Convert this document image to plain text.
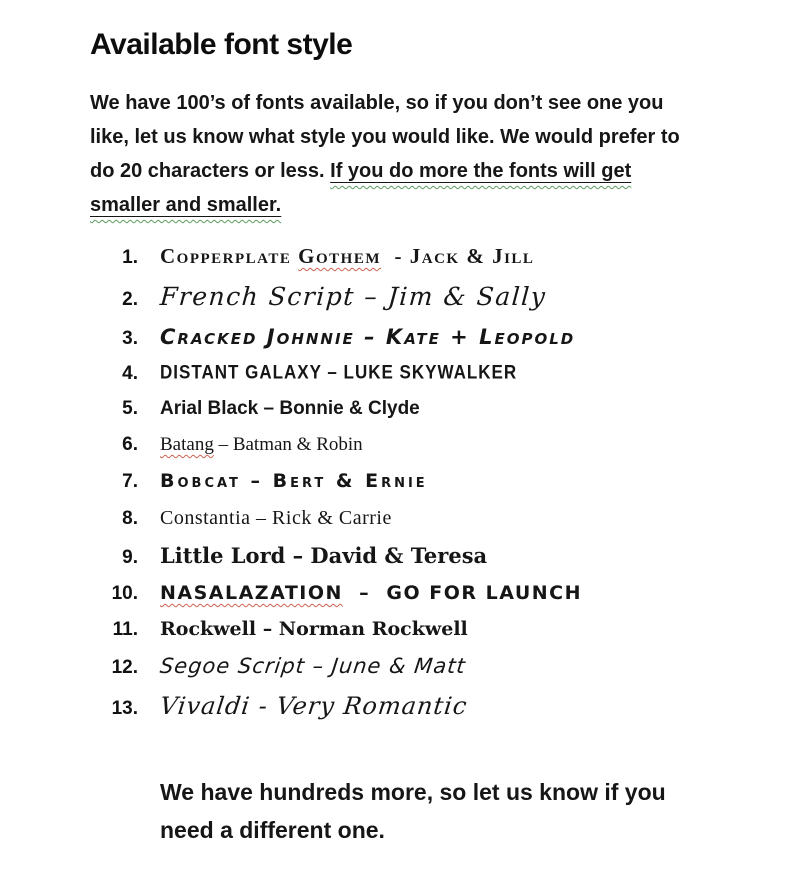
Available font style

We have 100’s of fonts available, so if you don’t see one you like, let us know what style you would like. We would prefer to do 20 characters or less. If you do more the fonts will get smaller and smaller.

1. Copperplate Gothem  - Jack & Jill
2. French Script – Jim & Sally
3. Cracked Johnnie – Kate + Leopold
4. DISTANT GALAXY – LUKE SKYWALKER
5. Arial Black – Bonnie & Clyde
6. Batang – Batman & Robin
7. Bobcat – Bert & Ernie
8. Constantia – Rick & Carrie
9. Little Lord – David & Teresa
10. NASALAZATION  –  GO FOR LAUNCH
11. Rockwell – Norman Rockwell
12. Segoe Script – June & Matt
13. Vivaldi - Very Romantic

We have hundreds more, so let us know if you need a different one.
